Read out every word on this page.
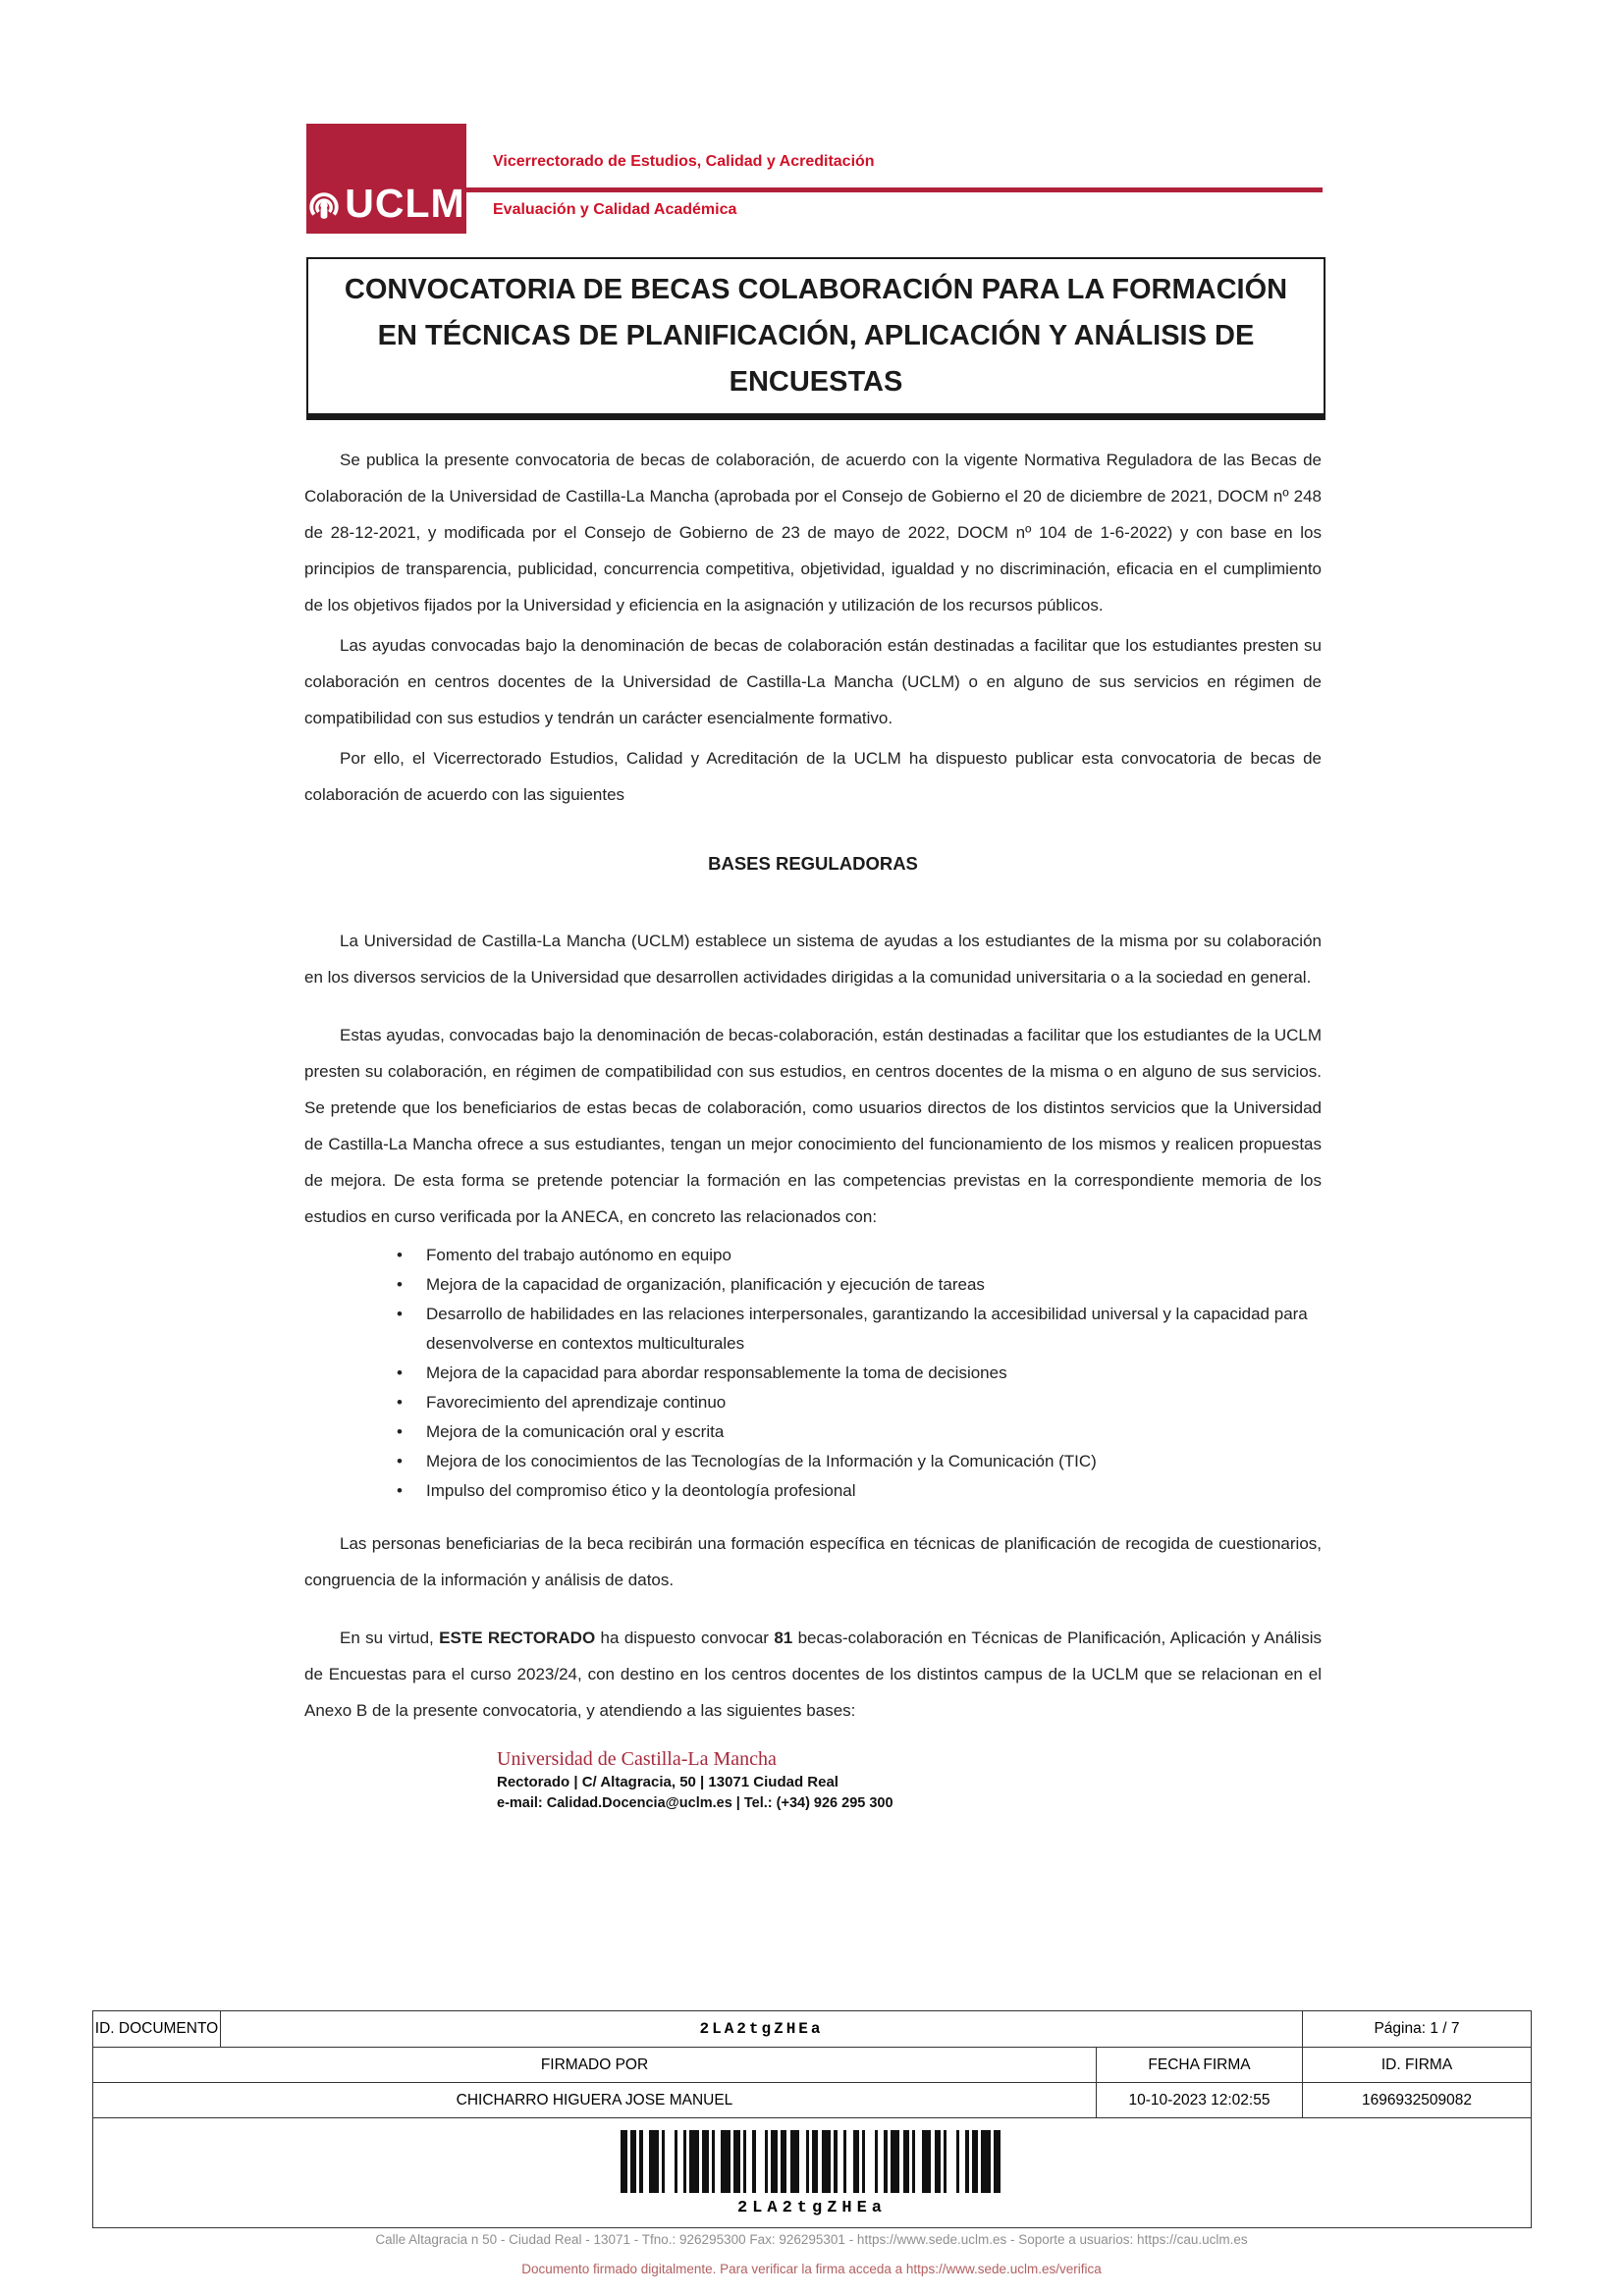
UCLM
Vicerrectorado de Estudios, Calidad y Acreditación
Evaluación y Calidad Académica
CONVOCATORIA DE BECAS COLABORACIÓN PARA LA FORMACIÓN EN TÉCNICAS DE PLANIFICACIÓN, APLICACIÓN Y ANÁLISIS DE ENCUESTAS

Se publica la presente convocatoria de becas de colaboración, de acuerdo con la vigente Normativa Reguladora de las Becas de Colaboración de la Universidad de Castilla-La Mancha (aprobada por el Consejo de Gobierno el 20 de diciembre de 2021, DOCM nº 248 de 28-12-2021, y modificada por el Consejo de Gobierno de 23 de mayo de 2022, DOCM nº 104 de 1-6-2022) y con base en los principios de transparencia, publicidad, concurrencia competitiva, objetividad, igualdad y no discriminación, eficacia en el cumplimiento de los objetivos fijados por la Universidad y eficiencia en la asignación y utilización de los recursos públicos.

Las ayudas convocadas bajo la denominación de becas de colaboración están destinadas a facilitar que los estudiantes presten su colaboración en centros docentes de la Universidad de Castilla-La Mancha (UCLM) o en alguno de sus servicios en régimen de compatibilidad con sus estudios y tendrán un carácter esencialmente formativo.

Por ello, el Vicerrectorado Estudios, Calidad y Acreditación de la UCLM ha dispuesto publicar esta convocatoria de becas de colaboración de acuerdo con las siguientes

BASES REGULADORAS

La Universidad de Castilla-La Mancha (UCLM) establece un sistema de ayudas a los estudiantes de la misma por su colaboración en los diversos servicios de la Universidad que desarrollen actividades dirigidas a la comunidad universitaria o a la sociedad en general.

Estas ayudas, convocadas bajo la denominación de becas-colaboración, están destinadas a facilitar que los estudiantes de la UCLM presten su colaboración, en régimen de compatibilidad con sus estudios, en centros docentes de la misma o en alguno de sus servicios. Se pretende que los beneficiarios de estas becas de colaboración, como usuarios directos de los distintos servicios que la Universidad de Castilla-La Mancha ofrece a sus estudiantes, tengan un mejor conocimiento del funcionamiento de los mismos y realicen propuestas de mejora. De esta forma se pretende potenciar la formación en las competencias previstas en la correspondiente memoria de los estudios en curso verificada por la ANECA, en concreto las relacionados con:

• Fomento del trabajo autónomo en equipo
• Mejora de la capacidad de organización, planificación y ejecución de tareas
• Desarrollo de habilidades en las relaciones interpersonales, garantizando la accesibilidad universal y la capacidad para desenvolverse en contextos multiculturales
• Mejora de la capacidad para abordar responsablemente la toma de decisiones
• Favorecimiento del aprendizaje continuo
• Mejora de la comunicación oral y escrita
• Mejora de los conocimientos de las Tecnologías de la Información y la Comunicación (TIC)
• Impulso del compromiso ético y la deontología profesional

Las personas beneficiarias de la beca recibirán una formación específica en técnicas de planificación de recogida de cuestionarios, congruencia de la información y análisis de datos.

En su virtud, ESTE RECTORADO ha dispuesto convocar 81 becas-colaboración en Técnicas de Planificación, Aplicación y Análisis de Encuestas para el curso 2023/24, con destino en los centros docentes de los distintos campus de la UCLM que se relacionan en el Anexo B de la presente convocatoria, y atendiendo a las siguientes bases:

Universidad de Castilla-La Mancha
Rectorado | C/ Altagracia, 50 | 13071 Ciudad Real
e-mail: Calidad.Docencia@uclm.es | Tel.: (+34) 926 295 300
ID. DOCUMENTO	2LA2tgZHEa	Página: 1 / 7
FIRMADO POR	FECHA FIRMA	ID. FIRMA
CHICHARRO HIGUERA JOSE MANUEL	10-10-2023 12:02:55	1696932509082
2LA2tgZHEa
Calle Altagracia n 50 - Ciudad Real - 13071 - Tfno.: 926295300 Fax: 926295301 - https://www.sede.uclm.es - Soporte a usuarios: https://cau.uclm.es
Documento firmado digitalmente. Para verificar la firma acceda a https://www.sede.uclm.es/verifica
